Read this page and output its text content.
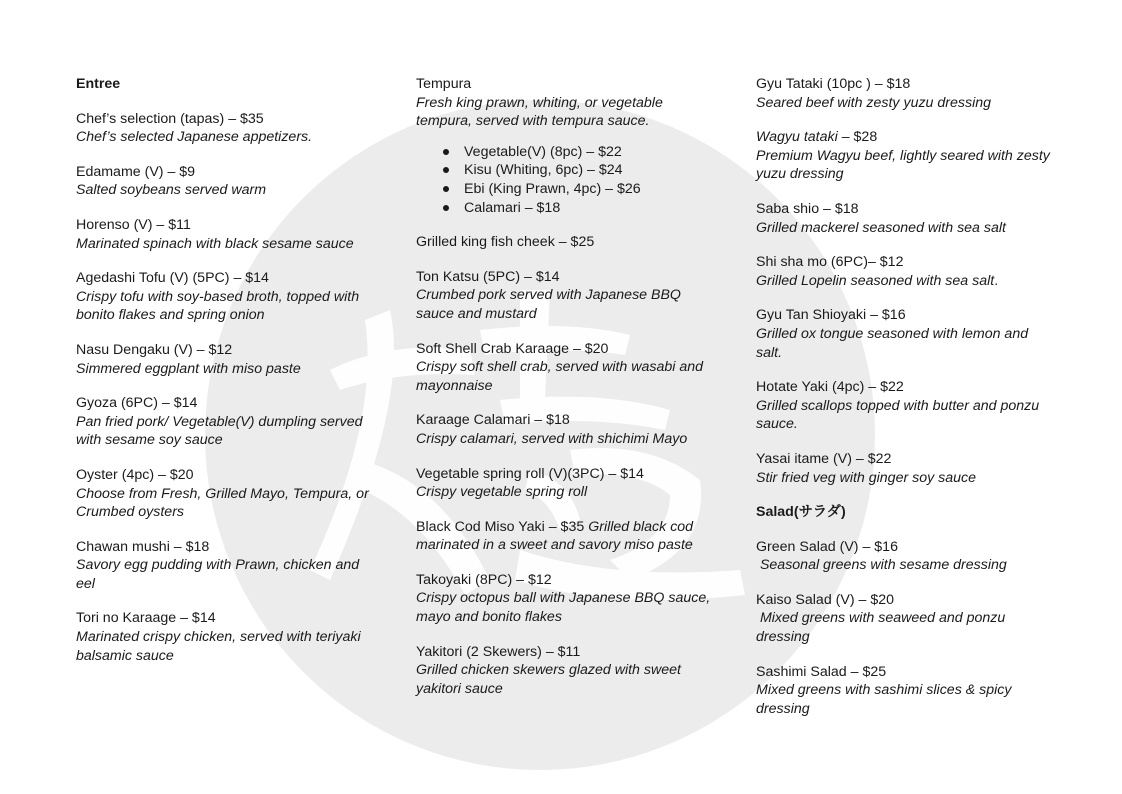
Entree
Chef’s selection (tapas) – $35
Chef’s selected Japanese appetizers.
Edamame (V) – $9
Salted soybeans served warm
Horenso (V) – $11
Marinated spinach with black sesame sauce
Agedashi Tofu (V) (5PC) – $14
Crispy tofu with soy-based broth, topped with bonito flakes and spring onion
Nasu Dengaku (V) – $12
Simmered eggplant with miso paste
Gyoza (6PC) – $14
Pan fried pork/ Vegetable(V) dumpling served with sesame soy sauce
Oyster (4pc) – $20
Choose from Fresh, Grilled Mayo, Tempura, or Crumbed oysters
Chawan mushi – $18
Savory egg pudding with Prawn, chicken and eel
Tori no Karaage – $14
Marinated crispy chicken, served with teriyaki balsamic sauce
Tempura
Fresh king prawn, whiting, or vegetable tempura, served with tempura sauce.
Vegetable(V) (8pc) – $22
Kisu (Whiting, 6pc) – $24
Ebi (King Prawn, 4pc) – $26
Calamari – $18
Grilled king fish cheek – $25
Ton Katsu (5PC) – $14
Crumbed pork served with Japanese BBQ sauce and mustard
Soft Shell Crab Karaage – $20
Crispy soft shell crab, served with wasabi and mayonnaise
Karaage Calamari – $18
Crispy calamari, served with shichimi Mayo
Vegetable spring roll (V)(3PC) – $14
Crispy vegetable spring roll
Black Cod Miso Yaki – $35 Grilled black cod marinated in a sweet and savory miso paste
Takoyaki (8PC) – $12
Crispy octopus ball with Japanese BBQ sauce, mayo and bonito flakes
Yakitori (2 Skewers) – $11
Grilled chicken skewers glazed with sweet yakitori sauce
Gyu Tataki (10pc ) – $18
Seared beef with zesty yuzu dressing
Wagyu tataki – $28
Premium Wagyu beef, lightly seared with zesty yuzu dressing
Saba shio – $18
Grilled mackerel seasoned with sea salt
Shi sha mo (6PC)– $12
Grilled Lopelin seasoned with sea salt.
Gyu Tan Shioyaki – $16
Grilled ox tongue seasoned with lemon and salt.
Hotate Yaki (4pc) – $22
Grilled scallops topped with butter and ponzu sauce.
Yasai itame (V) – $22
Stir fried veg with ginger soy sauce
Salad(サラダ)
Green Salad (V) – $16
Seasonal greens with sesame dressing
Kaiso Salad (V) – $20
Mixed greens with seaweed and ponzu dressing
Sashimi Salad – $25
Mixed greens with sashimi slices & spicy dressing
